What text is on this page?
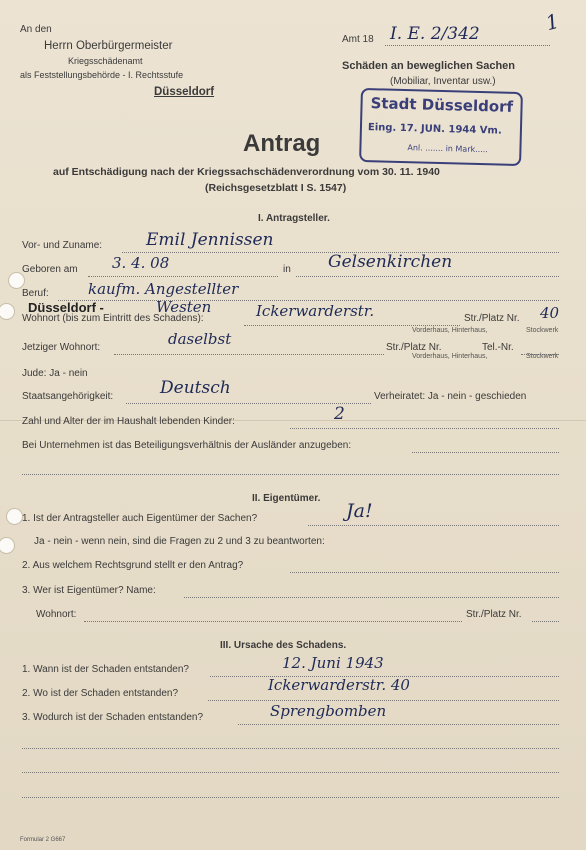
An den
Herrn Oberbürgermeister
Kriegsschädenamt
als Feststellungsbehörde - I. Rechtsstufe
Düsseldorf
Amt 18 I. E. 2/342	1
Schäden an beweglichen Sachen
(Mobiliar, Inventar usw.)
Stadt Düsseldorf
Eing. 17. JUN. 1944 Vm.
Anl. ....... in Mark.....
Antrag
auf Entschädigung nach der Kriegssachschädenverordnung vom 30. 11. 1940
(Reichsgesetzblatt I S. 1547)
I. Antragsteller.
Vor- und Zuname:	Emil Jennissen
Geboren am 3. 4. 08	in Gelsenkirchen
Beruf:	kaufm. Angestellter
Düsseldorf -	Westen
Wohnort (bis zum Eintritt des Schadens):	Ickerwarderstr.	Str./Platz Nr. 40
Vorderhaus, Hinterhaus,	Stockwerk
Jetziger Wohnort:	daselbst	Str./Platz Nr.	Tel.-Nr.
Vorderhaus, Hinterhaus,	Stockwerk
Jude: Ja - nein
Staatsangehörigkeit:	Deutsch	Verheiratet: Ja - nein - geschieden
Zahl und Alter der im Haushalt lebenden Kinder:	2
Bei Unternehmen ist das Beteiligungsverhältnis der Ausländer anzugeben:
II. Eigentümer.
1. Ist der Antragsteller auch Eigentümer der Sachen?	Ja!
Ja - nein - wenn nein, sind die Fragen zu 2 und 3 zu beantworten:
2. Aus welchem Rechtsgrund stellt er den Antrag?
3. Wer ist Eigentümer? Name:
Wohnort:	Str./Platz Nr.
III. Ursache des Schadens.
1. Wann ist der Schaden entstanden?	12. Juni 1943
2. Wo ist der Schaden entstanden?	Ickerwarderstr. 40
3. Wodurch ist der Schaden entstanden?	Sprengbomben
Formular 2 G667
